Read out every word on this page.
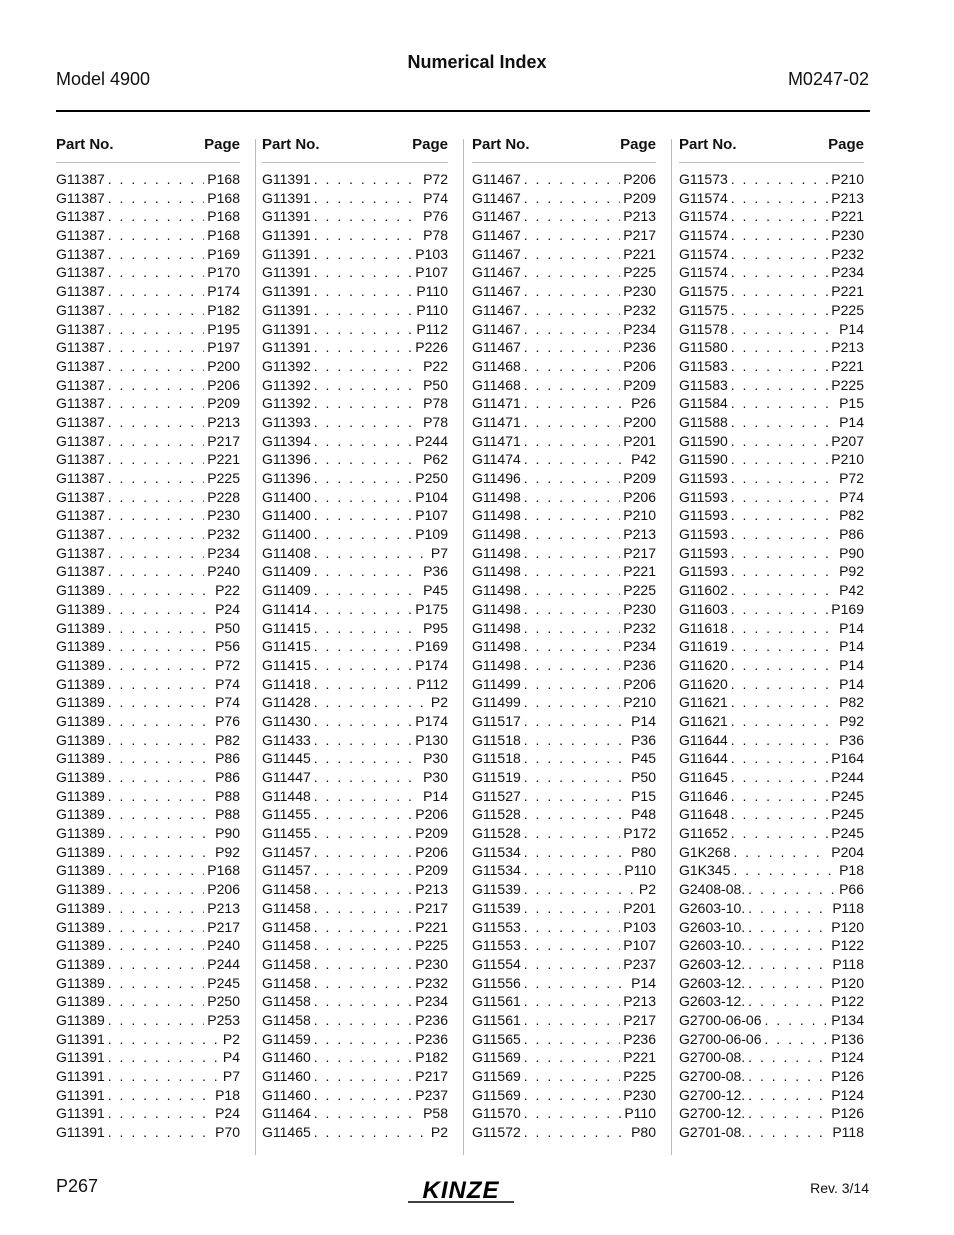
Numerical Index
Model 4900	M0247-02
Part No.	Page
G11387 . . .	P168
G11387 . . .	P168
G11387 . . .	P168
G11387 . . .	P168
G11387 . . .	P169
G11387 . . .	P170
G11387 . . .	P174
G11387 . . .	P182
G11387 . . .	P195
G11387 . . .	P197
G11387 . . .	P200
G11387 . . .	P206
G11387 . . .	P209
G11387 . . .	P213
G11387 . . .	P217
G11387 . . .	P221
G11387 . . .	P225
G11387 . . .	P228
G11387 . . .	P230
G11387 . . .	P232
G11387 . . .	P234
G11387 . . .	P240
G11389 . . .	P22
G11389 . . .	P24
G11389 . . .	P50
G11389 . . .	P56
G11389 . . .	P72
G11389 . . .	P74
G11389 . . .	P74
G11389 . . .	P76
G11389 . . .	P82
G11389 . . .	P86
G11389 . . .	P86
G11389 . . .	P88
G11389 . . .	P88
G11389 . . .	P90
G11389 . . .	P92
G11389 . . .	P168
G11389 . . .	P206
G11389 . . .	P213
G11389 . . .	P217
G11389 . . .	P240
G11389 . . .	P244
G11389 . . .	P245
G11389 . . .	P250
G11389 . . .	P253
G11391 . . .	P2
G11391 . . .	P4
G11391 . . .	P7
G11391 . . .	P18
G11391 . . .	P24
G11391 . . .	P70
Part No.	Page
G11391 . . .	P72
G11391 . . .	P74
G11391 . . .	P76
G11391 . . .	P78
G11391 . . .	P103
G11391 . . .	P107
G11391 . . .	P110
G11391 . . .	P110
G11391 . . .	P112
G11391 . . .	P226
G11392 . . .	P22
G11392 . . .	P50
G11392 . . .	P78
G11393 . . .	P78
G11394 . . .	P244
G11396 . . .	P62
G11396 . . .	P250
G11400 . . .	P104
G11400 . . .	P107
G11400 . . .	P109
G11408 . . .	P7
G11409 . . .	P36
G11409 . . .	P45
G11414 . . .	P175
G11415 . . .	P95
G11415 . . .	P169
G11415 . . .	P174
G11418 . . .	P112
G11428 . . .	P2
G11430 . . .	P174
G11433 . . .	P130
G11445 . . .	P30
G11447 . . .	P30
G11448 . . .	P14
G11455 . . .	P206
G11455 . . .	P209
G11457 . . .	P206
G11457 . . .	P209
G11458 . . .	P213
G11458 . . .	P217
G11458 . . .	P221
G11458 . . .	P225
G11458 . . .	P230
G11458 . . .	P232
G11458 . . .	P234
G11458 . . .	P236
G11459 . . .	P236
G11460 . . .	P182
G11460 . . .	P217
G11460 . . .	P237
G11464 . . .	P58
G11465 . . .	P2
Part No.	Page
G11467 . . .	P206
G11467 . . .	P209
G11467 . . .	P213
G11467 . . .	P217
G11467 . . .	P221
G11467 . . .	P225
G11467 . . .	P230
G11467 . . .	P232
G11467 . . .	P234
G11467 . . .	P236
G11468 . . .	P206
G11468 . . .	P209
G11471 . . .	P26
G11471 . . .	P200
G11471 . . .	P201
G11474 . . .	P42
G11496 . . .	P209
G11498 . . .	P206
G11498 . . .	P210
G11498 . . .	P213
G11498 . . .	P217
G11498 . . .	P221
G11498 . . .	P225
G11498 . . .	P230
G11498 . . .	P232
G11498 . . .	P234
G11498 . . .	P236
G11499 . . .	P206
G11499 . . .	P210
G11517 . . .	P14
G11518 . . .	P36
G11518 . . .	P45
G11519 . . .	P50
G11527 . . .	P15
G11528 . . .	P48
G11528 . . .	P172
G11534 . . .	P80
G11534 . . .	P110
G11539 . . .	P2
G11539 . . .	P201
G11553 . . .	P103
G11553 . . .	P107
G11554 . . .	P237
G11556 . . .	P14
G11561 . . .	P213
G11561 . . .	P217
G11565 . . .	P236
G11569 . . .	P221
G11569 . . .	P225
G11569 . . .	P230
G11570 . . .	P110
G11572 . . .	P80
Part No.	Page
G11573 . . .	P210
G11574 . . .	P213
G11574 . . .	P221
G11574 . . .	P230
G11574 . . .	P232
G11574 . . .	P234
G11575 . . .	P221
G11575 . . .	P225
G11578 . . .	P14
G11580 . . .	P213
G11583 . . .	P221
G11583 . . .	P225
G11584 . . .	P15
G11588 . . .	P14
G11590 . . .	P207
G11590 . . .	P210
G11593 . . .	P72
G11593 . . .	P74
G11593 . . .	P82
G11593 . . .	P86
G11593 . . .	P90
G11593 . . .	P92
G11602 . . .	P42
G11603 . . .	P169
G11618 . . .	P14
G11619 . . .	P14
G11620 . . .	P14
G11620 . . .	P14
G11621 . . .	P82
G11621 . . .	P92
G11644 . . .	P36
G11644 . . .	P164
G11645 . . .	P244
G11646 . . .	P245
G11648 . . .	P245
G11652 . . .	P245
G1K268 . . .	P204
G1K345 . . .	P18
G2408-08. . . .	P66
G2603-10. . . .	P118
G2603-10. . . .	P120
G2603-10. . . .	P122
G2603-12. . . .	P118
G2603-12. . . .	P120
G2603-12. . . .	P122
G2700-06-06 . . .	P134
G2700-06-06 . . .	P136
G2700-08. . . .	P124
G2700-08. . . .	P126
G2700-12. . . .	P124
G2700-12. . . .	P126
G2701-08. . . .	P118
P267	KINZE	Rev. 3/14
